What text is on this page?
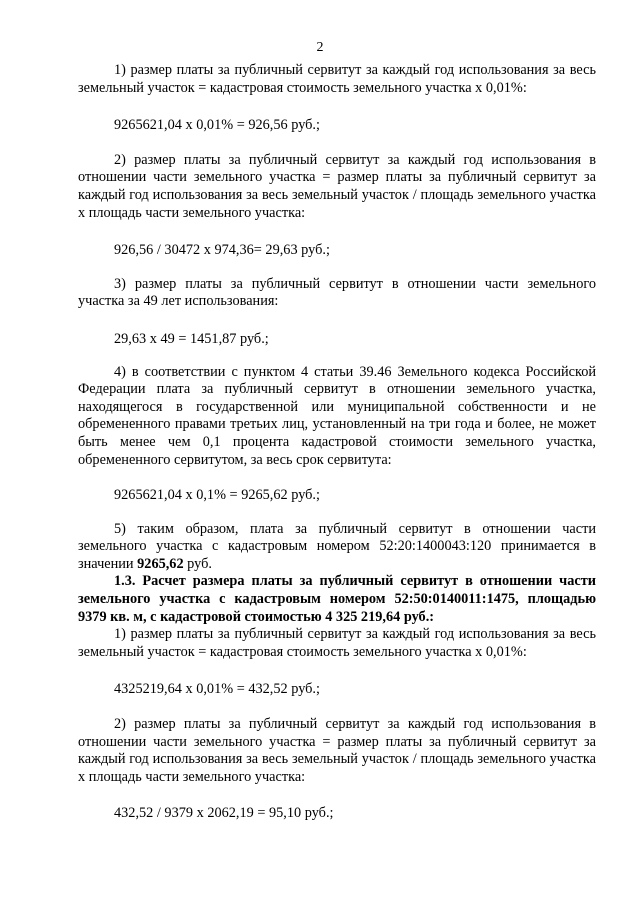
2

1) размер платы за публичный сервитут за каждый год использования за весь земельный участок = кадастровая стоимость земельного участка х 0,01%:

9265621,04 х 0,01% = 926,56 руб.;

2) размер платы за публичный сервитут за каждый год использования в отношении части земельного участка = размер платы за публичный сервитут за каждый год использования за весь земельный участок / площадь земельного участка х площадь части земельного участка:

926,56 / 30472 х 974,36= 29,63 руб.;

3) размер платы за публичный сервитут в отношении части земельного участка за 49 лет использования:

29,63 х 49 = 1451,87 руб.;

4) в соответствии с пунктом 4 статьи 39.46 Земельного кодекса Российской Федерации плата за публичный сервитут в отношении земельного участка, находящегося в государственной или муниципальной собственности и не обремененного правами третьих лиц, установленный на три года и более, не может быть менее чем 0,1 процента кадастровой стоимости земельного участка, обремененного сервитутом, за весь срок сервитута:

9265621,04 х 0,1% = 9265,62 руб.;

5) таким образом, плата за публичный сервитут в отношении части земельного участка с кадастровым номером 52:20:1400043:120 принимается в значении 9265,62 руб.

1.3. Расчет размера платы за публичный сервитут в отношении части земельного участка с кадастровым номером 52:50:0140011:1475, площадью 9379 кв. м, с кадастровой стоимостью 4 325 219,64 руб.:

1) размер платы за публичный сервитут за каждый год использования за весь земельный участок = кадастровая стоимость земельного участка х 0,01%:

4325219,64 х 0,01% = 432,52 руб.;

2) размер платы за публичный сервитут за каждый год использования в отношении части земельного участка = размер платы за публичный сервитут за каждый год использования за весь земельный участок / площадь земельного участка х площадь части земельного участка:

432,52 / 9379 х 2062,19 = 95,10 руб.;
